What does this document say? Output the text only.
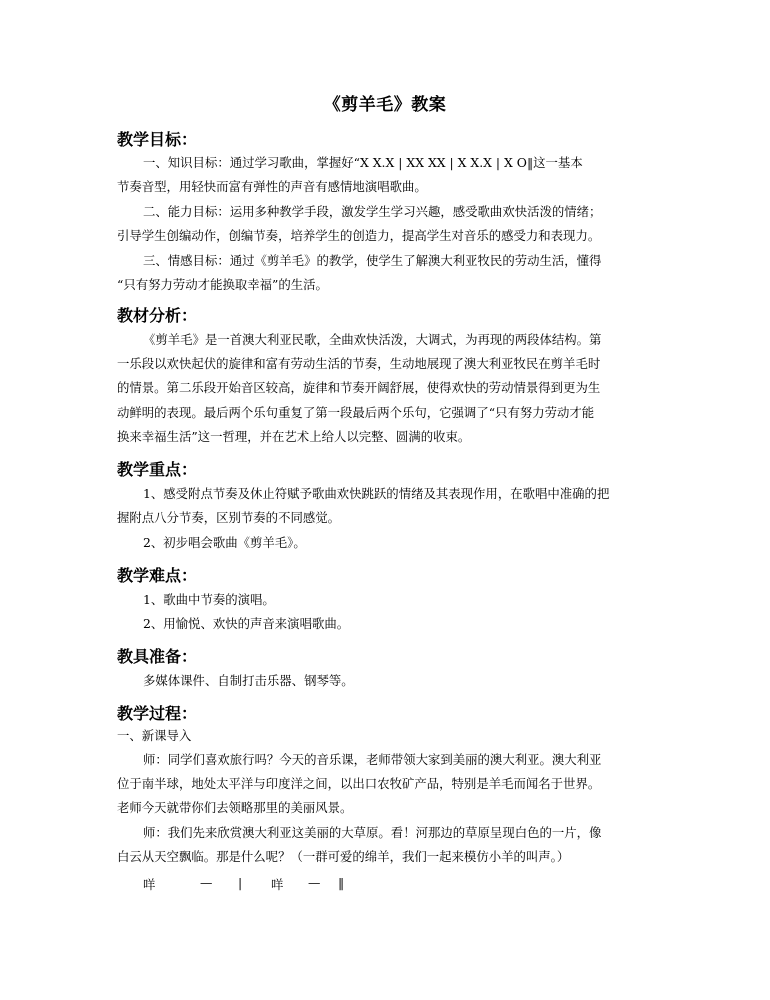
《剪羊毛》教案
教学目标：
一、知识目标：通过学习歌曲，掌握好“X X.X | XX XX | X X.X | X O‖这一基本
节奏音型，用轻快而富有弹性的声音有感情地演唱歌曲。
二、能力目标：运用多种教学手段，激发学生学习兴趣，感受歌曲欢快活泼的情绪；
引导学生创编动作，创编节奏，培养学生的创造力，提高学生对音乐的感受力和表现力。
三、情感目标：通过《剪羊毛》的教学，使学生了解澳大利亚牧民的劳动生活，懂得
“只有努力劳动才能换取幸福”的生活。
教材分析：
《剪羊毛》是一首澳大利亚民歌，全曲欢快活泼，大调式，为再现的两段体结构。第
一乐段以欢快起伏的旋律和富有劳动生活的节奏，生动地展现了澳大利亚牧民在剪羊毛时
的情景。第二乐段开始音区较高，旋律和节奏开阔舒展，使得欢快的劳动情景得到更为生
动鲜明的表现。最后两个乐句重复了第一段最后两个乐句，它强调了“只有努力劳动才能
换来幸福生活”这一哲理，并在艺术上给人以完整、圆满的收束。
教学重点：
1、感受附点节奏及休止符赋予歌曲欢快跳跃的情绪及其表现作用，在歌唱中准确的把
握附点八分节奏，区别节奏的不同感觉。
2、初步唱会歌曲《剪羊毛》。
教学难点：
1、歌曲中节奏的演唱。
2、用愉悦、欢快的声音来演唱歌曲。
教具准备：
多媒体课件、自制打击乐器、钢琴等。
教学过程：
一、新课导入
师：同学们喜欢旅行吗？今天的音乐课，老师带领大家到美丽的澳大利亚。澳大利亚
位于南半球，地处太平洋与印度洋之间，以出口农牧矿产品，特别是羊毛而闻名于世界。
老师今天就带你们去领略那里的美丽风景。
师：我们先来欣赏澳大利亚这美丽的大草原。看！河那边的草原呈现白色的一片，像
白云从天空飘临。那是什么呢？（一群可爱的绵羊，我们一起来模仿小羊的叫声。）
咩	— | 咩 — ‖
